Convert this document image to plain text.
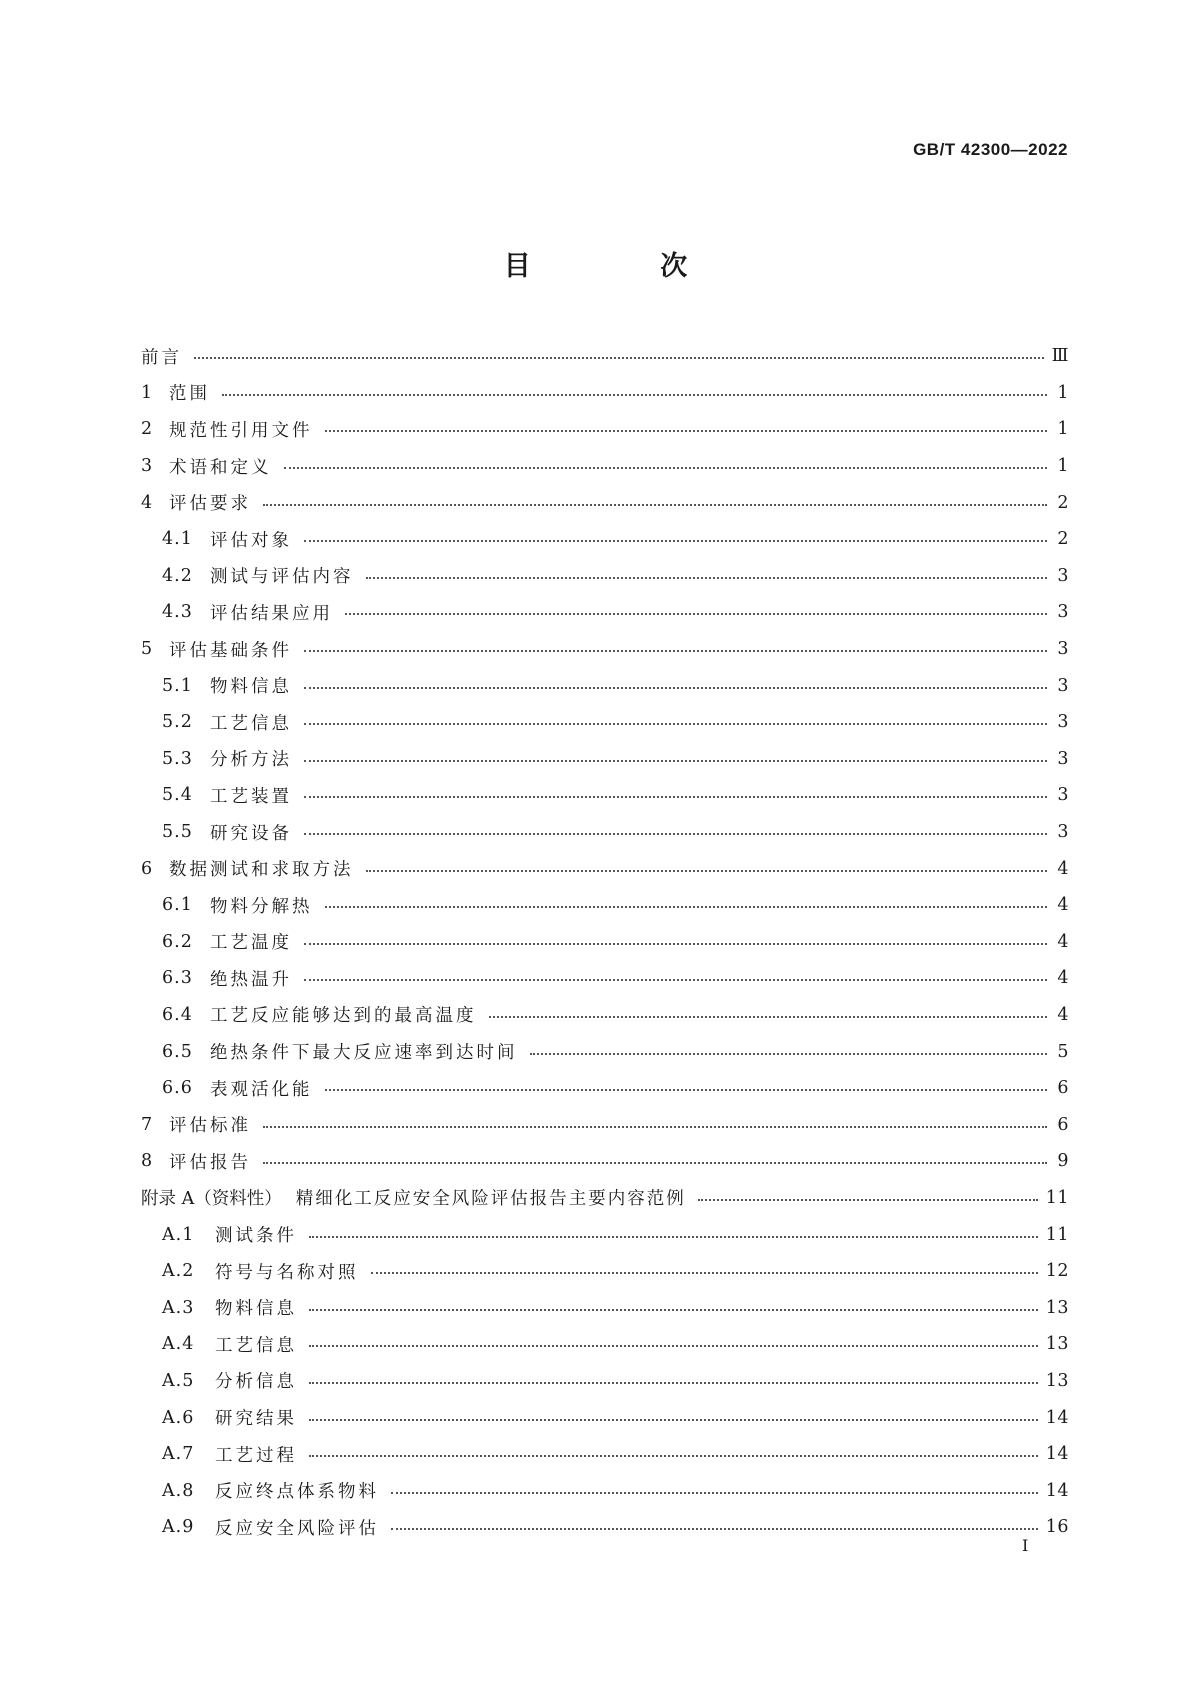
GB/T 42300—2022
目 次
前言	Ⅲ
1 范围	1
2 规范性引用文件	1
3 术语和定义	1
4 评估要求	2
4.1 评估对象	2
4.2 测试与评估内容	3
4.3 评估结果应用	3
5 评估基础条件	3
5.1 物料信息	3
5.2 工艺信息	3
5.3 分析方法	3
5.4 工艺装置	3
5.5 研究设备	3
6 数据测试和求取方法	4
6.1 物料分解热	4
6.2 工艺温度	4
6.3 绝热温升	4
6.4 工艺反应能够达到的最高温度	4
6.5 绝热条件下最大反应速率到达时间	5
6.6 表观活化能	6
7 评估标准	6
8 评估报告	9
附录 A（资料性） 精细化工反应安全风险评估报告主要内容范例	11
A.1	测试条件	11
A.2	符号与名称对照	12
A.3	物料信息	13
A.4	工艺信息	13
A.5	分析信息	13
A.6	研究结果	14
A.7	工艺过程	14
A.8	反应终点体系物料	14
A.9	反应安全风险评估	16
I
